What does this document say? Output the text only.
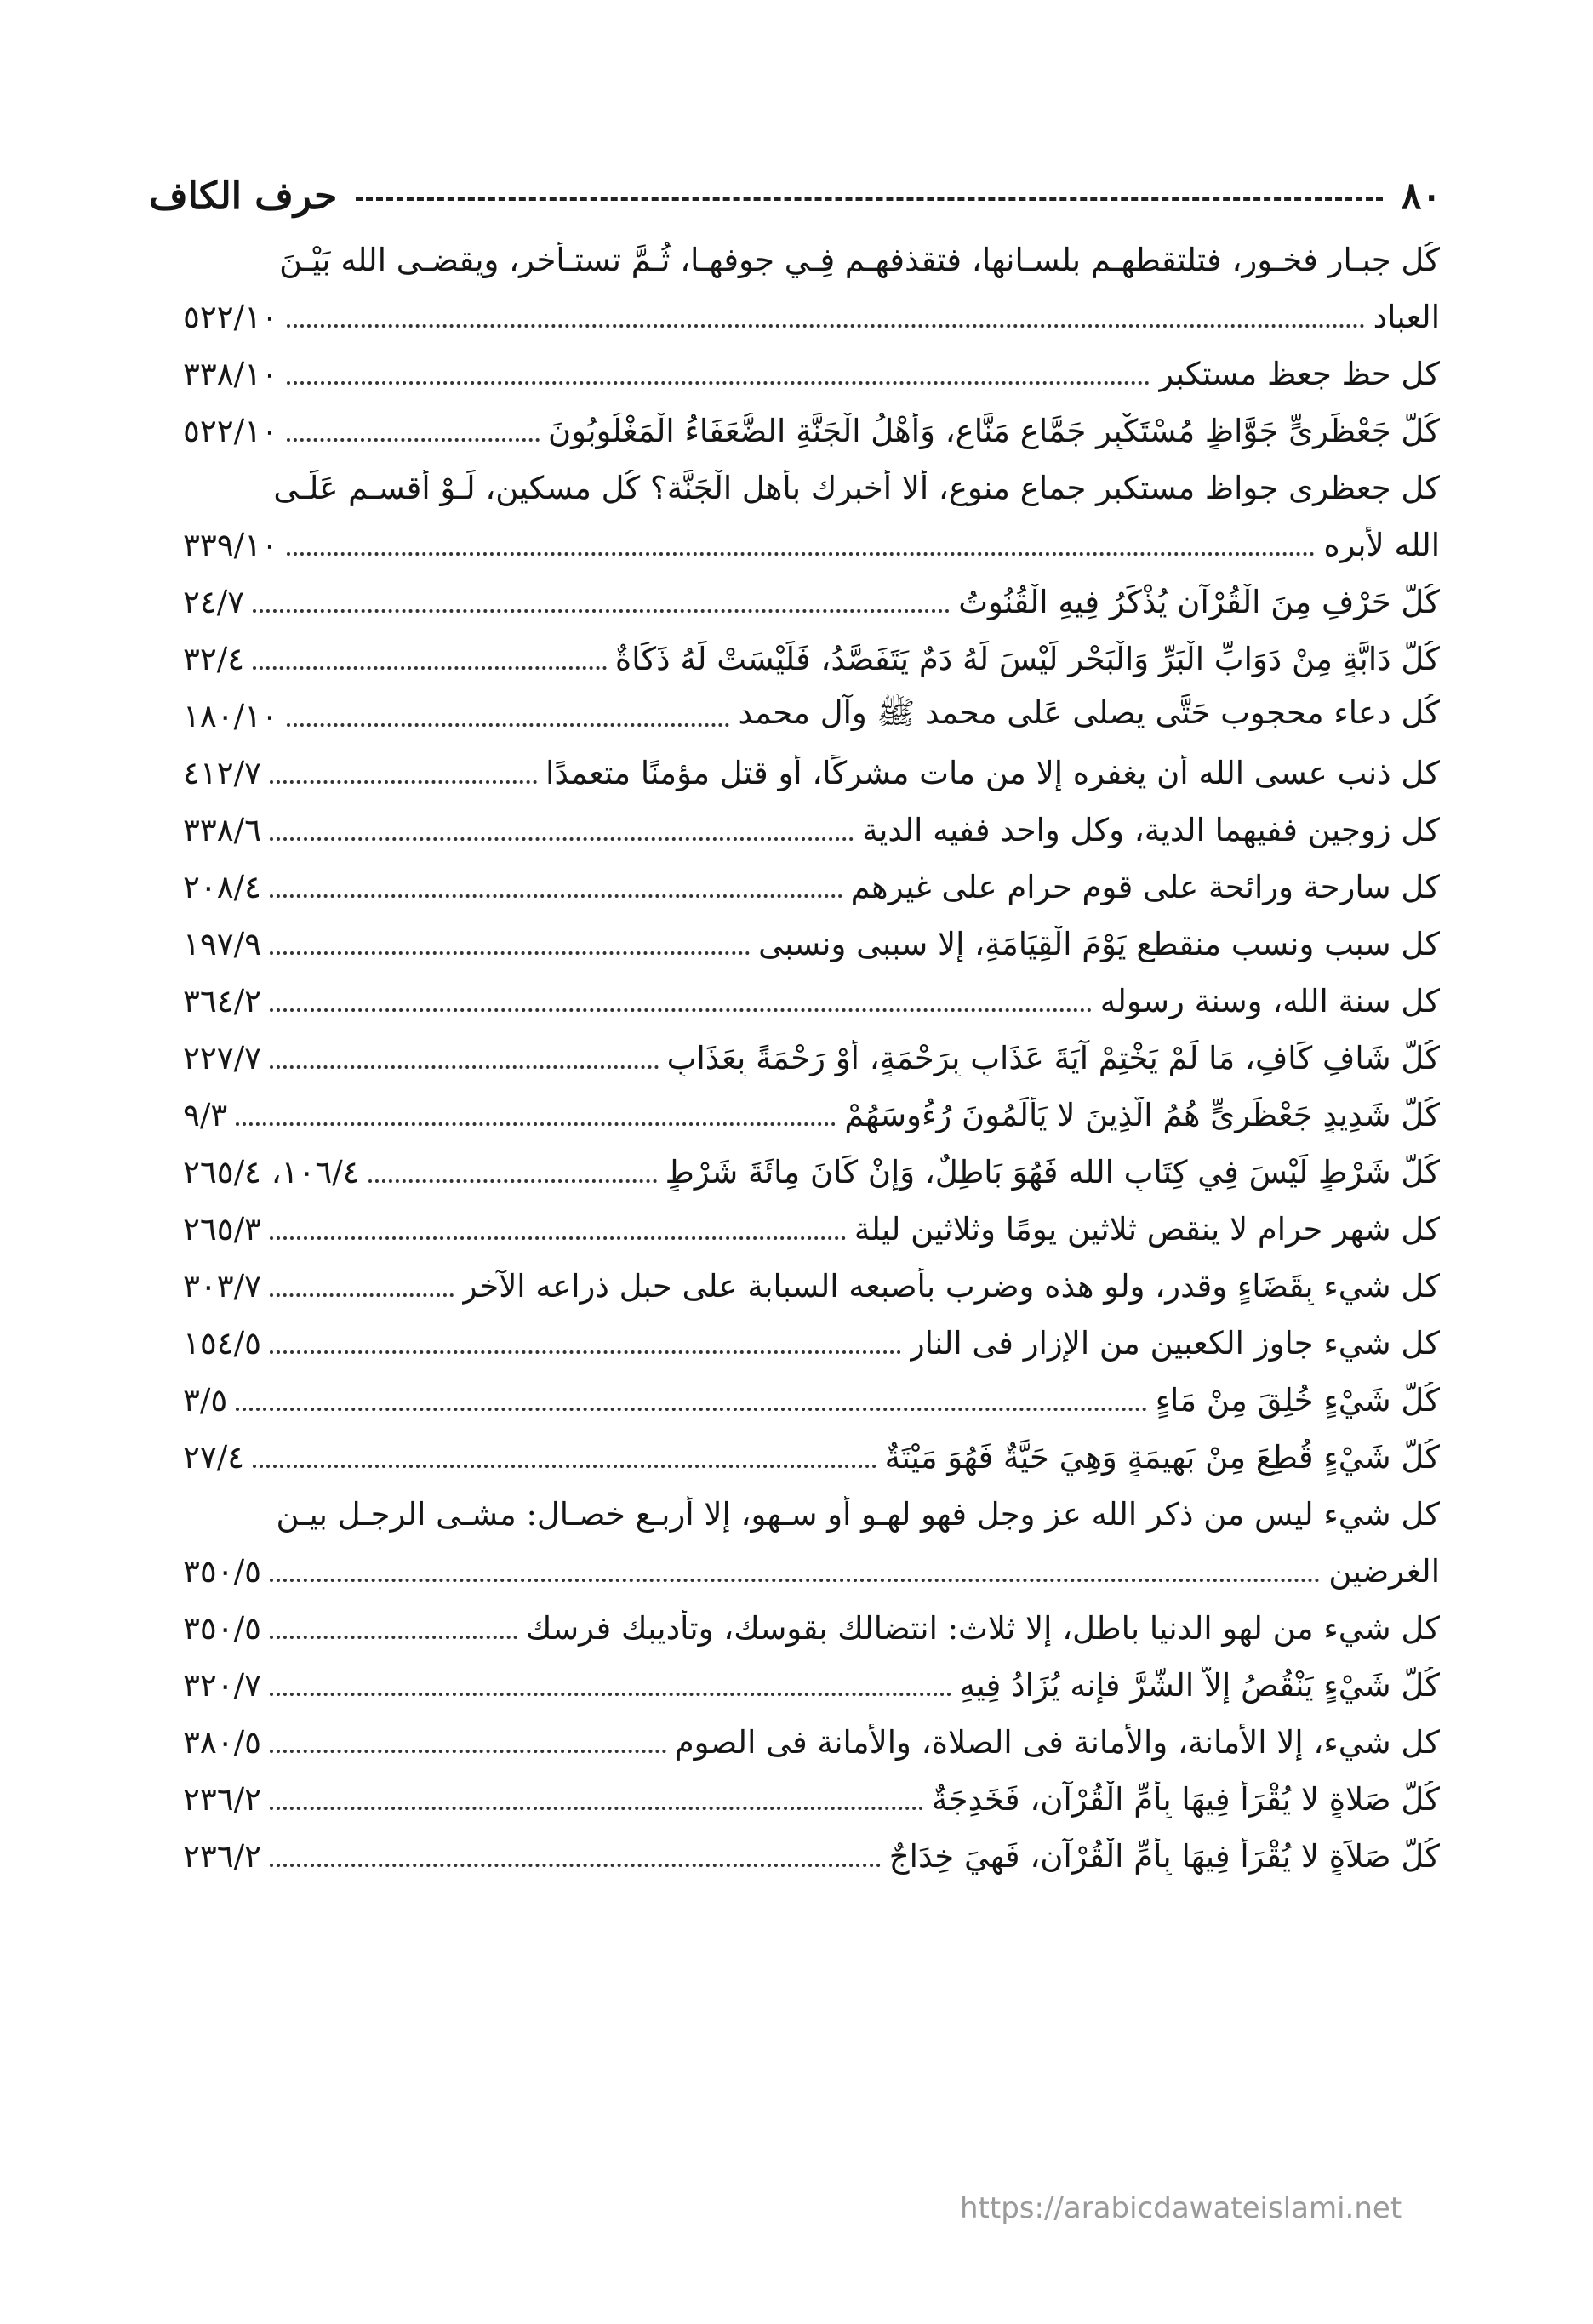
٨٠
حرف الكاف
كُل جبـار فخـور، فتلتقطهـم بلسـانها، فتقذفهـم فِـي جوفهـا، ثُـمَّ تستـأخر، ويقضـى الله بَيْـنَ
العباد
٥٢٢/١٠
كل حظ جعظ مستكبر
٣٣٨/١٠
كُلُّ جَعْظَرِىٍّ جَوَّاظٍ مُسْتَكْبِرٍ جَمَّاعٍ مَنَّاعٍ، وَأَهْلُ الْجَنَّةِ الضُّعَفَاءُ الْمَغْلُوبُونَ
٥٢٢/١٠
كل جعظرى جواظ مستكبر جماع منوع، ألا أخبرك بأهل الْجَنَّة؟ كُل مسكين، لَـوْ أقسـم عَلَـى
الله لأبره
٣٣٩/١٠
كُلُّ حَرْفٍ مِنَ الْقُرْآنِ يُذْكَرُ فِيهِ الْقُنُوتُ
٢٤/٧
كُلُّ دَابَّةٍ مِنْ دَوَابِّ الْبَرِّ وَالْبَحْرِ لَيْسَ لَهُ دَمٌ يَتَفَصَّدُ، فَلَيْسَتْ لَهُ ذَكَاةٌ
٣٢/٤
كُل دعاء محجوب حَتَّى يصلى عَلى محمد ﷺ وآل محمد
١٨٠/١٠
كل ذنب عسى الله أن يغفره إلا من مات مشركًا، أو قتل مؤمنًا متعمدًا
٤١٢/٧
كل زوجين ففيهما الدية، وكل واحد ففيه الدية
٣٣٨/٦
كل سارحة ورائحة على قوم حرام على غيرهم
٢٠٨/٤
كل سبب ونسب منقطع يَوْمَ الْقِيَامَةِ، إلا سببى ونسبى
١٩٧/٩
كل سنة الله، وسنة رسوله
٣٦٤/٢
كُلُّ شَافٍ كَافٍ، مَا لَمْ يَخْتِمْ آيَةَ عَذَابٍ بِرَحْمَةٍ، أَوْ رَحْمَةً بِعَذَابٍ
٢٢٧/٧
كُلُّ شَدِيدٍ جَعْظَرِىٍّ هُمُ الَّذِينَ لا يَأْلَمُونَ رُءُوسَهُمْ
٩/٣
كُلُّ شَرْطٍ لَيْسَ فِي كِتَابِ الله فَهُوَ بَاطِلٌ، وَإِنْ كَانَ مِائَةَ شَرْطٍ
١٠٦/٤، ٢٦٥/٤
كل شهر حرام لا ينقص ثلاثين يومًا وثلاثين ليلة
٢٦٥/٣
كل شيء بِقَضَاءٍ وقدر، ولو هذه وضرب بأصبعه السبابة على حبل ذراعه الآخر
٣٠٣/٧
كل شيء جاوز الكعبين من الإزار فى النار
١٥٤/٥
كُلُّ شَيْءٍ خُلِقَ مِنْ مَاءٍ
٣/٥
كُلُّ شَيْءٍ قُطِعَ مِنْ بَهِيمَةٍ وَهِيَ حَيَّةٌ فَهُوَ مَيْتَةٌ
٢٧/٤
كل شيء ليس من ذكر الله عز وجل فهو لهـو أو سـهو، إلا أربـع خصـال: مشـى الرجـل بيـن
الغرضين
٣٥٠/٥
كل شيء من لهو الدنيا باطل، إلا ثلاث: انتضالك بقوسك، وتأديبك فرسك
٣٥٠/٥
كُلُّ شَيْءٍ يَنْقُصُ إِلاَّ الشَّرَّ فإنه يُزَادُ فِيهِ
٣٢٠/٧
كل شيء، إلا الأمانة، والأمانة فى الصلاة، والأمانة فى الصوم
٣٨٠/٥
كُلُّ صَلاةٍ لا يُقْرَأُ فِيهَا بِأُمِّ الْقُرْآنِ، فَخَدِجَةٌ
٢٣٦/٢
كُلُّ صَلاَةٍ لا يُقْرَأُ فِيهَا بِأُمِّ الْقُرْآنِ، فَهِيَ خِدَاجٌ
٢٣٦/٢
https://arabicdawateislami.net
